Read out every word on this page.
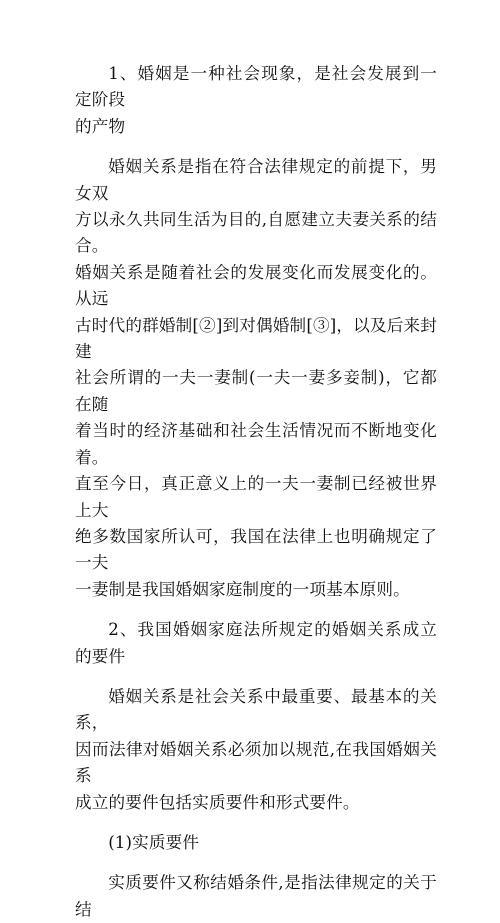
1、婚姻是一种社会现象，是社会发展到一定阶段
的产物

婚姻关系是指在符合法律规定的前提下，男女双
方以永久共同生活为目的,自愿建立夫妻关系的结合。
婚姻关系是随着社会的发展变化而发展变化的。从远
古时代的群婚制[②]到对偶婚制[③]，以及后来封建
社会所谓的一夫一妻制(一夫一妻多妾制)，它都在随
着当时的经济基础和社会生活情况而不断地变化着。
直至今日，真正意义上的一夫一妻制已经被世界上大
绝多数国家所认可，我国在法律上也明确规定了一夫
一妻制是我国婚姻家庭制度的一项基本原则。

2、我国婚姻家庭法所规定的婚姻关系成立的要件

婚姻关系是社会关系中最重要、最基本的关系，
因而法律对婚姻关系必须加以规范,在我国婚姻关系
成立的要件包括实质要件和形式要件。

(1)实质要件

实质要件又称结婚条件,是指法律规定的关于结
